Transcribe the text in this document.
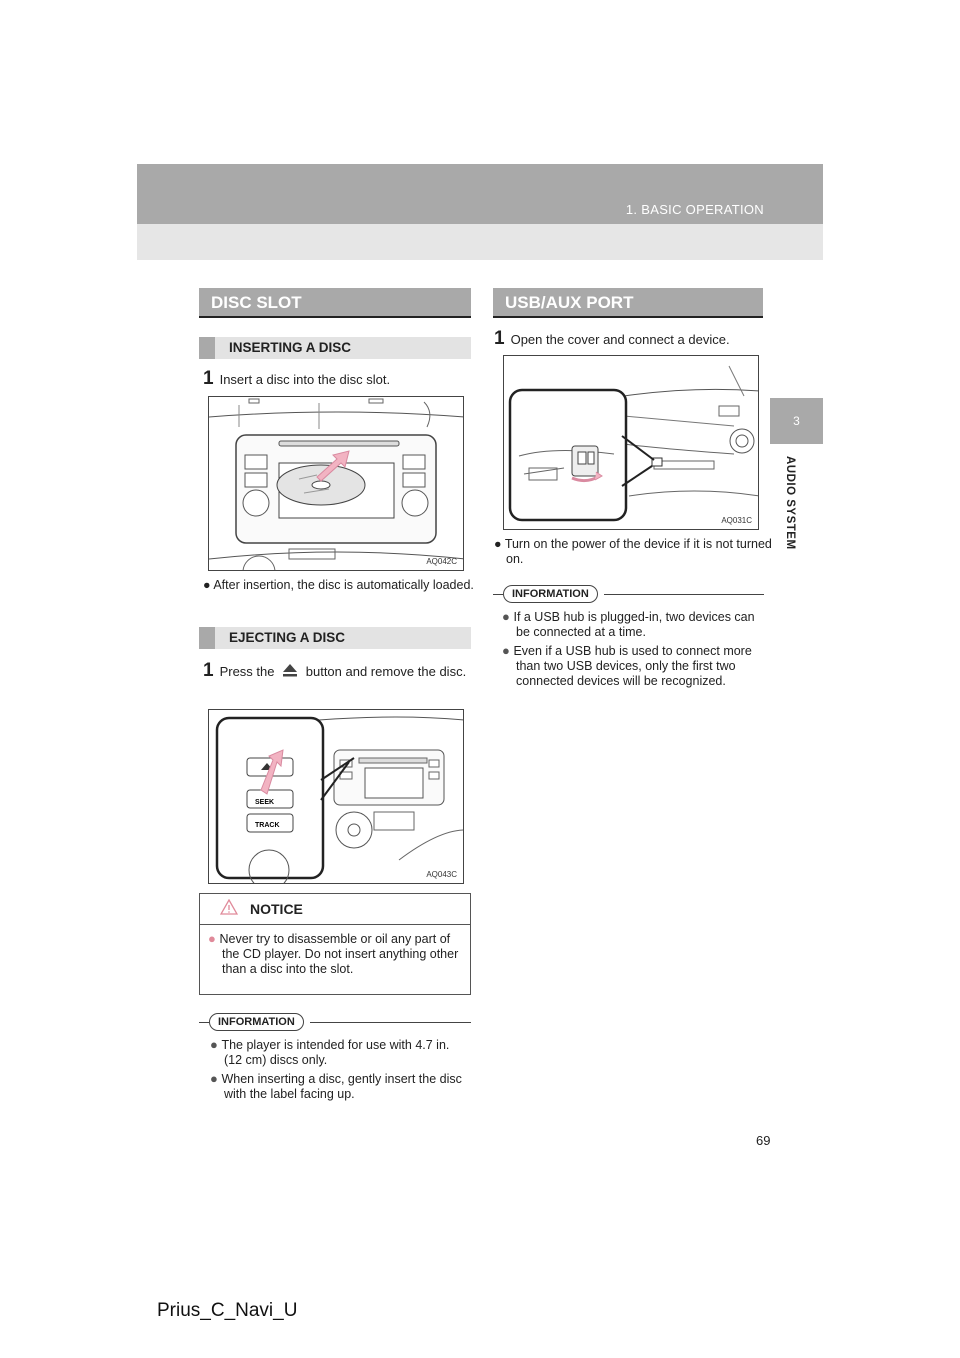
1. BASIC OPERATION
3
AUDIO SYSTEM
DISC SLOT
INSERTING A DISC
1 Insert a disc into the disc slot.
AQ042C
● After insertion, the disc is automatically loaded.
EJECTING A DISC
1 Press the button and remove the disc.
SEEK
TRACK
AQ043C
NOTICE
● Never try to disassemble or oil any part of the CD player. Do not insert anything other than a disc into the slot.
INFORMATION
● The player is intended for use with 4.7 in. (12 cm) discs only.
● When inserting a disc, gently insert the disc with the label facing up.
USB/AUX PORT
1 Open the cover and connect a device.
AQ031C
● Turn on the power of the device if it is not turned on.
INFORMATION
● If a USB hub is plugged-in, two devices can be connected at a time.
● Even if a USB hub is used to connect more than two USB devices, only the first two connected devices will be recognized.
69
Prius_C_Navi_U
